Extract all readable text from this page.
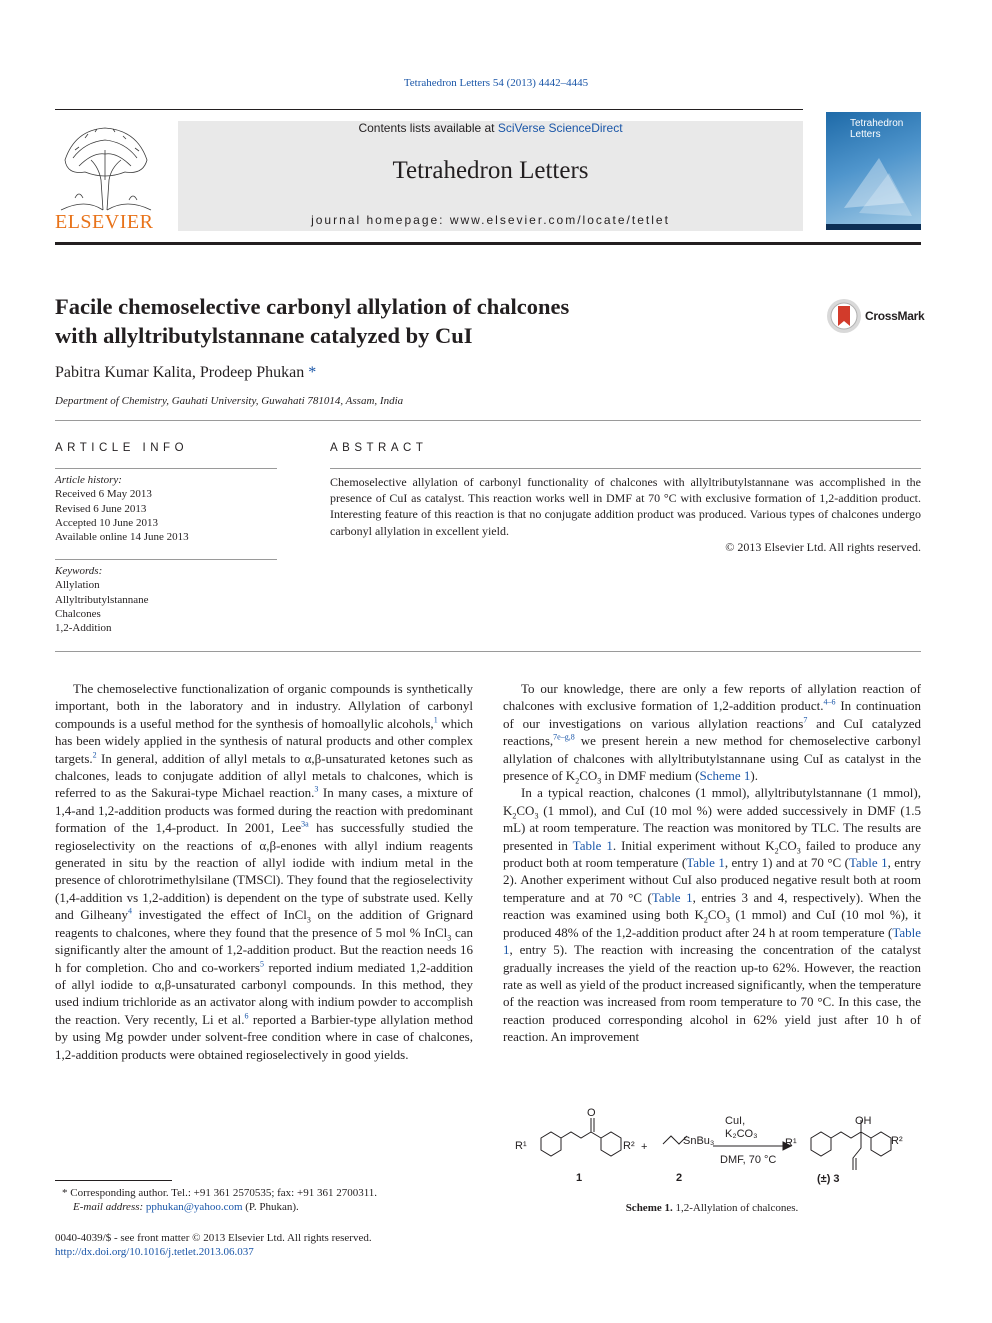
Tetrahedron Letters 54 (2013) 4442–4445
ELSEVIER
Contents lists available at SciVerse ScienceDirect
Tetrahedron Letters
journal homepage: www.elsevier.com/locate/tetlet
Tetrahedron Letters
Facile chemoselective carbonyl allylation of chalcones
with allyltributylstannane catalyzed by CuI
CrossMark
Pabitra Kumar Kalita, Prodeep Phukan *
Department of Chemistry, Gauhati University, Guwahati 781014, Assam, India
ARTICLE INFO	ABSTRACT
Article history:
Received 6 May 2013
Revised 6 June 2013
Accepted 10 June 2013
Available online 14 June 2013
Keywords:
Allylation
Allyltributylstannane
Chalcones
1,2-Addition
Chemoselective allylation of carbonyl functionality of chalcones with allyltributylstannane was accomplished in the presence of CuI as catalyst. This reaction works well in DMF at 70 °C with exclusive formation of 1,2-addition product. Interesting feature of this reaction is that no conjugate addition product was produced. Various types of chalcones undergo carbonyl allylation in excellent yield.
© 2013 Elsevier Ltd. All rights reserved.

The chemoselective functionalization of organic compounds is synthetically important, both in the laboratory and in industry. Allylation of carbonyl compounds is a useful method for the synthesis of homoallylic alcohols,$^1$ which has been widely applied in the synthesis of natural products and other complex targets.$^2$ In general, addition of allyl metals to α,β-unsaturated ketones such as chalcones, leads to conjugate addition of allyl metals to chalcones, which is referred to as the Sakurai-type Michael reaction.$^3$ In many cases, a mixture of 1,4-and 1,2-addition products was formed during the reaction with predominant formation of the 1,4-product. In 2001, Lee$^{3a}$ has successfully studied the regioselectivity on the reactions of α,β-enones with allyl indium reagents generated in situ by the reaction of allyl iodide with indium metal in the presence of chlorotrimethylsilane (TMSCl). They found that the regioselectivity (1,4-addition vs 1,2-addition) is dependent on the type of substrate used. Kelly and Gilheany$^4$ investigated the effect of InCl$_3$ on the addition of Grignard reagents to chalcones, where they found that the presence of 5 mol % InCl$_3$ can significantly alter the amount of 1,2-addition product. But the reaction needs 16 h for completion. Cho and co-workers$^5$ reported indium mediated 1,2-addition of allyl iodide to α,β-unsaturated carbonyl compounds. In this method, they used indium trichloride as an activator along with indium powder to accomplish the reaction. Very recently, Li et al.$^6$ reported a Barbier-type allylation method by using Mg powder under solvent-free condition where in case of chalcones, 1,2-addition products were obtained regioselectively in good yields.

To our knowledge, there are only a few reports of allylation reaction of chalcones with exclusive formation of 1,2-addition product.$^{4-6}$ In continuation of our investigations on various allylation reactions$^7$ and CuI catalyzed reactions,$^{7e-g,8}$ we present herein a new method for chemoselective carbonyl allylation of chalcones with allyltributylstannane using CuI as catalyst in the presence of $K_2CO_3$ in DMF medium (Scheme 1).

In a typical reaction, chalcones (1 mmol), allyltributylstannane (1 mmol), $K_2CO_3$ (1 mmol), and CuI (10 mol %) were added successively in DMF (1.5 mL) at room temperature. The reaction was monitored by TLC. The results are presented in Table 1. Initial experiment without $K_2CO_3$ failed to produce any product both at room temperature (Table 1, entry 1) and at 70 °C (Table 1, entry 2). Another experiment without CuI also produced negative result both at room temperature and at 70 °C (Table 1, entries 3 and 4, respectively). When the reaction was examined using both $K_2CO_3$ (1 mmol) and CuI (10 mol %), it produced 48% of the 1,2-addition product after 24 h at room temperature (Table 1, entry 5). The reaction with increasing the concentration of the catalyst gradually increases the yield of the reaction up-to 62%. However, the reaction rate as well as yield of the product increased significantly, when the temperature of the reaction was increased from room temperature to 70 °C. In this case, the reaction produced corresponding alcohol in 62% yield just after 10 h of reaction. An improvement

R¹	R²
O
+	SnBu₃
CuI,
K₂CO₃
DMF, 70 °C
R¹
OH
R²
1	2	(±) 3
Scheme 1. 1,2-Allylation of chalcones.
* Corresponding author. Tel.: +91 361 2570535; fax: +91 361 2700311.
E-mail address: pphukan@yahoo.com (P. Phukan).
0040-4039/$ - see front matter © 2013 Elsevier Ltd. All rights reserved.
http://dx.doi.org/10.1016/j.tetlet.2013.06.037
